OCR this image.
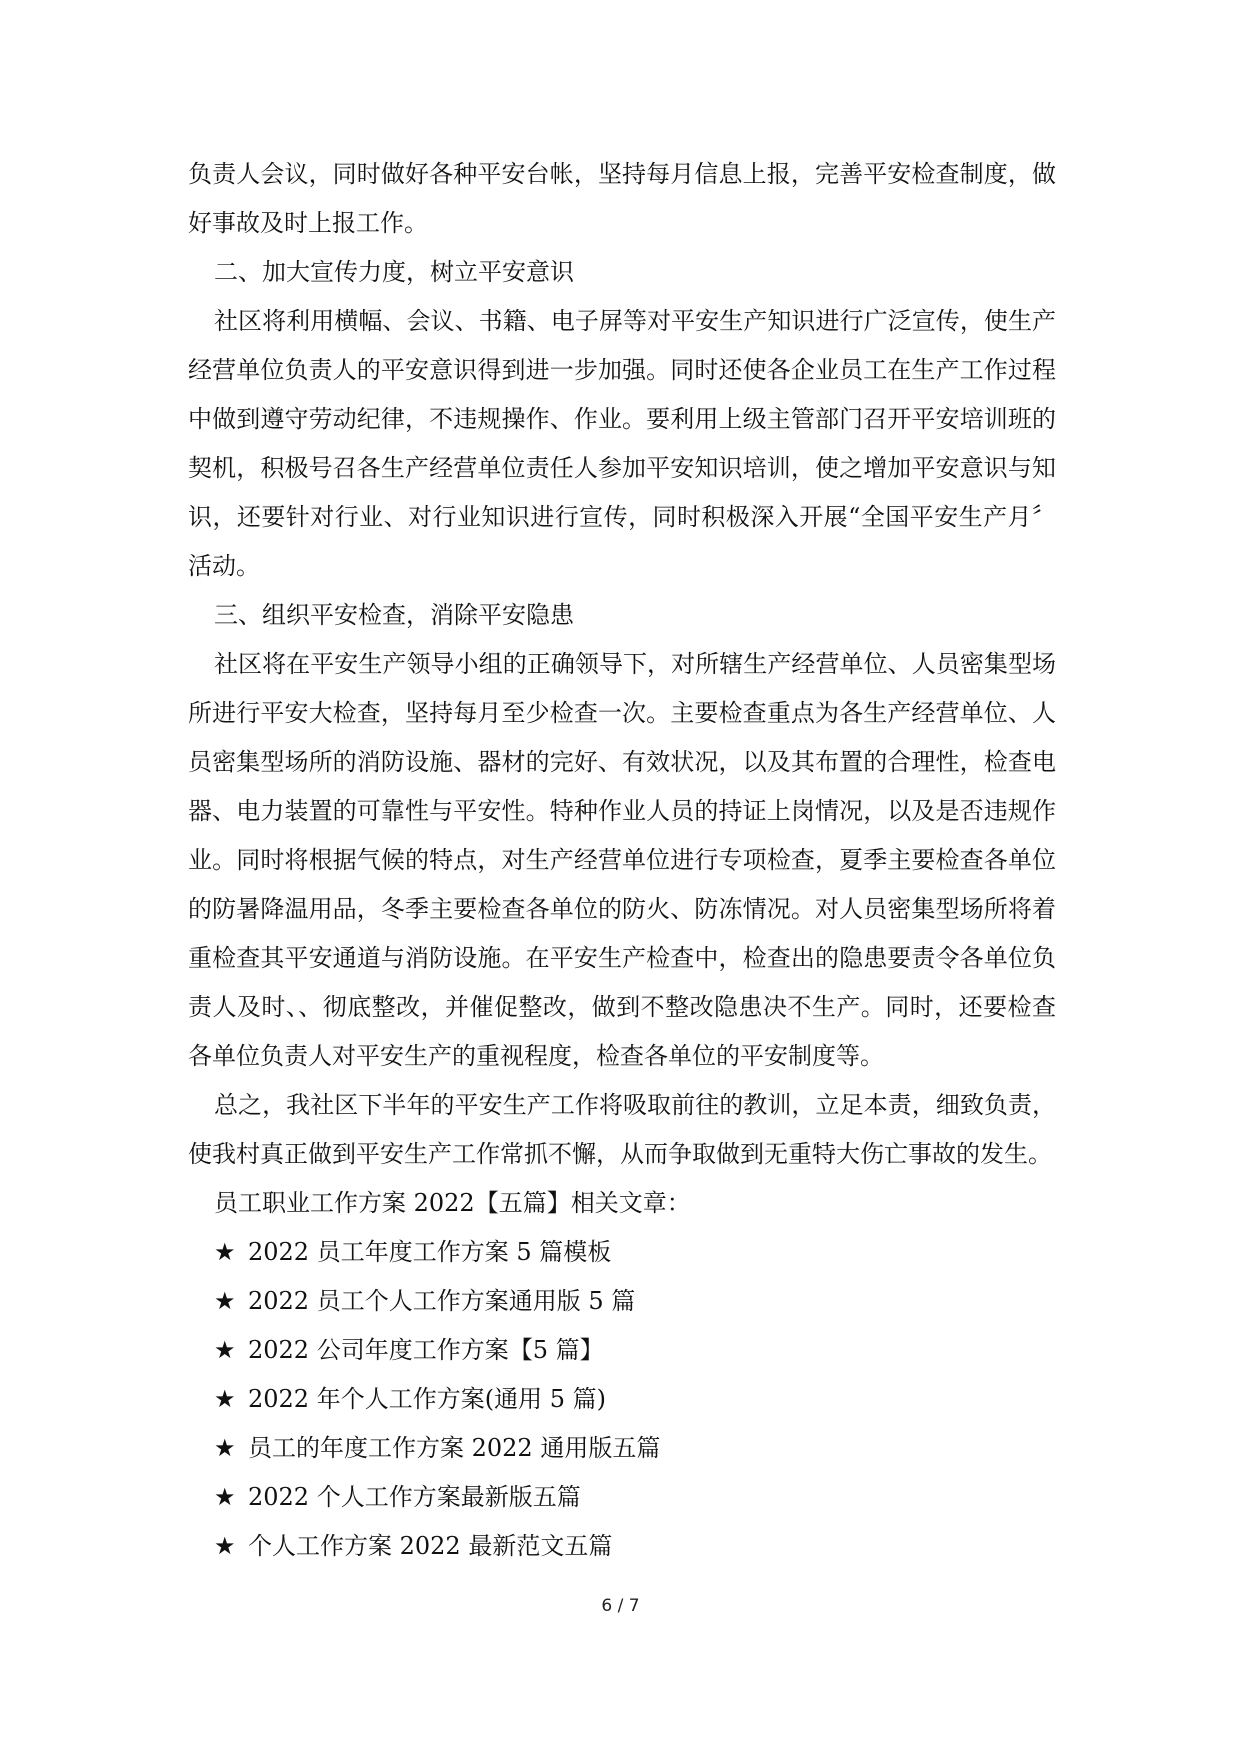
负责人会议，同时做好各种平安台帐，坚持每月信息上报，完善平安检查制度，做好事故及时上报工作。

二、加大宣传力度，树立平安意识

社区将利用横幅、会议、书籍、电子屏等对平安生产知识进行广泛宣传，使生产经营单位负责人的平安意识得到进一步加强。同时还使各企业员工在生产工作过程中做到遵守劳动纪律，不违规操作、作业。要利用上级主管部门召开平安培训班的契机，积极号召各生产经营单位责任人参加平安知识培训，使之增加平安意识与知识，还要针对行业、对行业知识进行宣传，同时积极深入开展“全国平安生产月〞活动。

三、组织平安检查，消除平安隐患

社区将在平安生产领导小组的正确领导下，对所辖生产经营单位、人员密集型场所进行平安大检查，坚持每月至少检查一次。主要检查重点为各生产经营单位、人员密集型场所的消防设施、器材的完好、有效状况，以及其布置的合理性，检查电器、电力装置的可靠性与平安性。特种作业人员的持证上岗情况，以及是否违规作业。同时将根据气候的特点，对生产经营单位进行专项检查，夏季主要检查各单位的防暑降温用品，冬季主要检查各单位的防火、防冻情况。对人员密集型场所将着重检查其平安通道与消防设施。在平安生产检查中，检查出的隐患要责令各单位负责人及时、、彻底整改，并催促整改，做到不整改隐患决不生产。同时，还要检查各单位负责人对平安生产的重视程度，检查各单位的平安制度等。

总之，我社区下半年的平安生产工作将吸取前往的教训，立足本责，细致负责，使我村真正做到平安生产工作常抓不懈，从而争取做到无重特大伤亡事故的发生。

员工职业工作方案 2022【五篇】相关文章：

★ 2022 员工年度工作方案 5 篇模板
★ 2022 员工个人工作方案通用版 5 篇
★ 2022 公司年度工作方案【5 篇】
★ 2022 年个人工作方案(通用 5 篇)
★ 员工的年度工作方案 2022 通用版五篇
★ 2022 个人工作方案最新版五篇
★ 个人工作方案 2022 最新范文五篇
6 / 7
